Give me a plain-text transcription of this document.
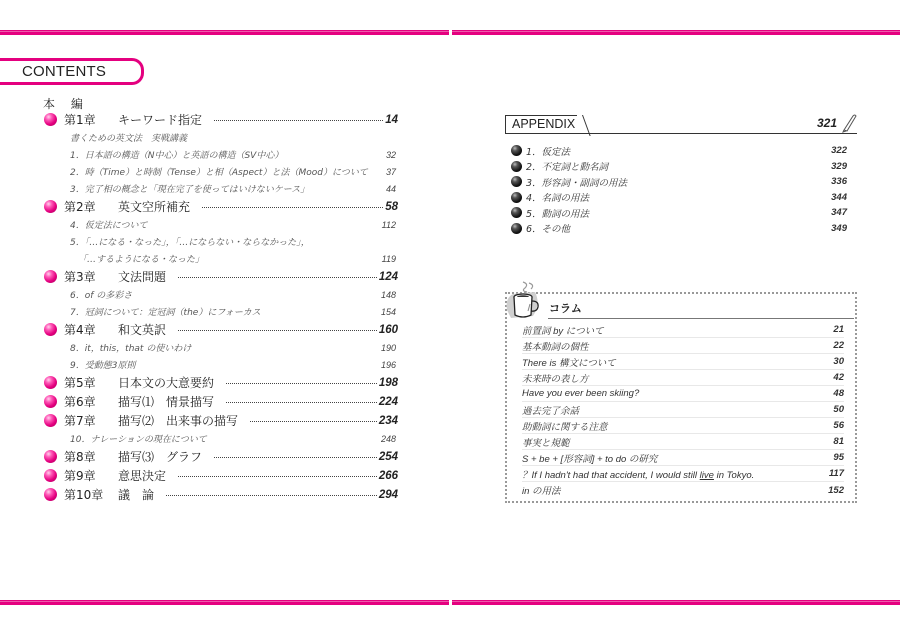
CONTENTS
本 編
第1章	キーワード指定	14
書くための英文法　実戦講義
1．日本語の構造（N中心）と英語の構造（SV中心）	32
2．時（Time）と時制（Tense）と相（Aspect）と法（Mood）について	37
3．完了相の概念と「現在完了を使ってはいけないケース」	44
第2章	英文空所補充	58
4．仮定法について	112
5．「…になる・なった」，「…にならない・ならなかった」，
「…するようになる・なった」	119
第3章	文法問題	124
6．of の多彩さ	148
7．冠詞について：定冠詞（the）にフォーカス	154
第4章	和文英訳	160
8．it，this，that の使いわけ	190
9．受動態3原則	196
第5章	日本文の大意要約	198
第6章	描写⑴　情景描写	224
第7章	描写⑵　出来事の描写	234
10．ナレーションの現在について	248
第8章	描写⑶　グラフ	254
第9章	意思決定	266
第10章	議　論	294
APPENDIX	321
1．仮定法	322
2．不定詞と動名詞	329
3．形容詞・副詞の用法	336
4．名詞の用法	344
5．動詞の用法	347
6．その他	349
コラム
前置詞 by について	21
基本動詞の個性	22
There is 構文について	30
未来時の表し方	42
Have you ever been skiing?	48
過去完了余話	50
助動詞に関する注意	56
事実と規範	81
S + be + [形容詞] + to do の研究	95
？If I hadn't had that accident, I would still live in Tokyo.	117
in の用法	152
